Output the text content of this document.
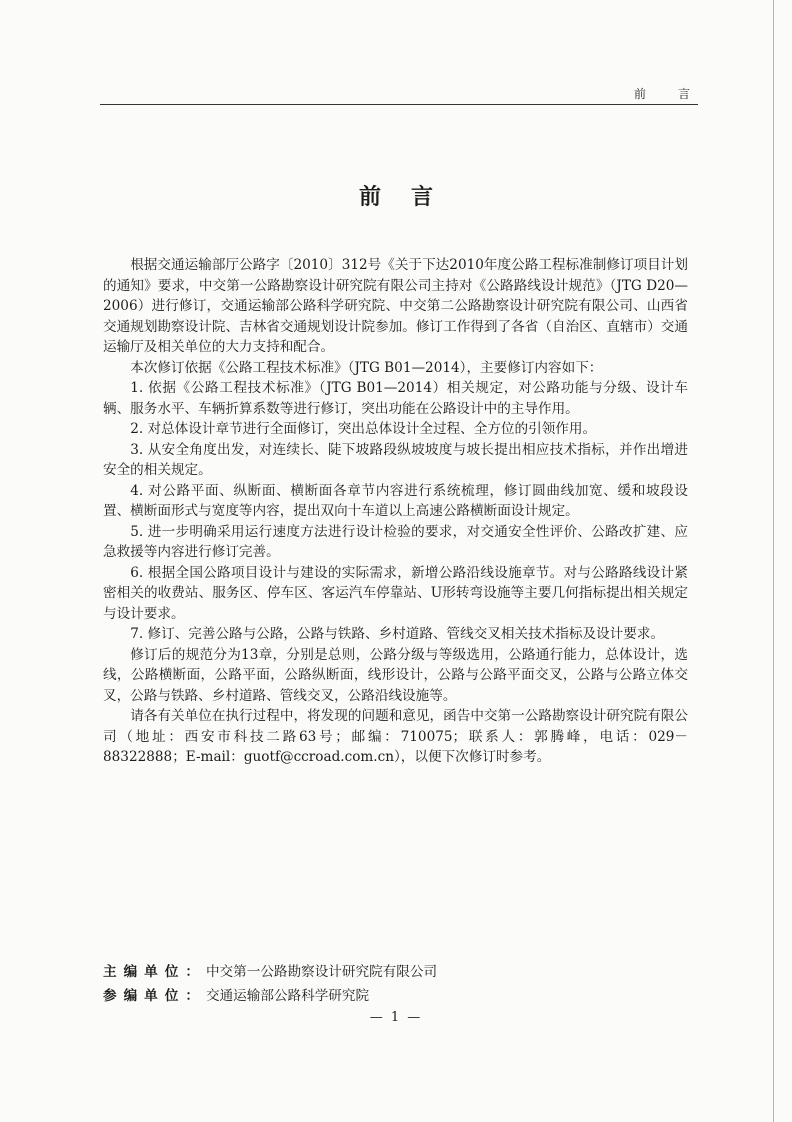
前　言
前言

根据交通运输部厅公路字〔2010〕312号《关于下达2010年度公路工程标准制修订项目计划的通知》要求，中交第一公路勘察设计研究院有限公司主持对《公路路线设计规范》（JTG D20—2006）进行修订，交通运输部公路科学研究院、中交第二公路勘察设计研究院有限公司、山西省交通规划勘察设计院、吉林省交通规划设计院参加。修订工作得到了各省（自治区、直辖市）交通运输厅及相关单位的大力支持和配合。

本次修订依据《公路工程技术标准》（JTG B01—2014），主要修订内容如下：

1. 依据《公路工程技术标准》（JTG B01—2014）相关规定，对公路功能与分级、设计车辆、服务水平、车辆折算系数等进行修订，突出功能在公路设计中的主导作用。

2. 对总体设计章节进行全面修订，突出总体设计全过程、全方位的引领作用。

3. 从安全角度出发，对连续长、陡下坡路段纵坡坡度与坡长提出相应技术指标，并作出增进安全的相关规定。

4. 对公路平面、纵断面、横断面各章节内容进行系统梳理，修订圆曲线加宽、缓和坡段设置、横断面形式与宽度等内容，提出双向十车道以上高速公路横断面设计规定。

5. 进一步明确采用运行速度方法进行设计检验的要求，对交通安全性评价、公路改扩建、应急救援等内容进行修订完善。

6. 根据全国公路项目设计与建设的实际需求，新增公路沿线设施章节。对与公路路线设计紧密相关的收费站、服务区、停车区、客运汽车停靠站、U形转弯设施等主要几何指标提出相关规定与设计要求。

7. 修订、完善公路与公路，公路与铁路、乡村道路、管线交叉相关技术指标及设计要求。

修订后的规范分为13章，分别是总则，公路分级与等级选用，公路通行能力，总体设计，选线，公路横断面，公路平面，公路纵断面，线形设计，公路与公路平面交叉，公路与公路立体交叉，公路与铁路、乡村道路、管线交叉，公路沿线设施等。

请各有关单位在执行过程中，将发现的问题和意见，函告中交第一公路勘察设计研究院有限公司（地址：西安市科技二路63号；邮编：710075；联系人：郭腾峰，电话：029－88322888；E-mail：guotf@ccroad.com.cn），以便下次修订时参考。

主编单位：中交第一公路勘察设计研究院有限公司
参编单位：交通运输部公路科学研究院
— 1 —
